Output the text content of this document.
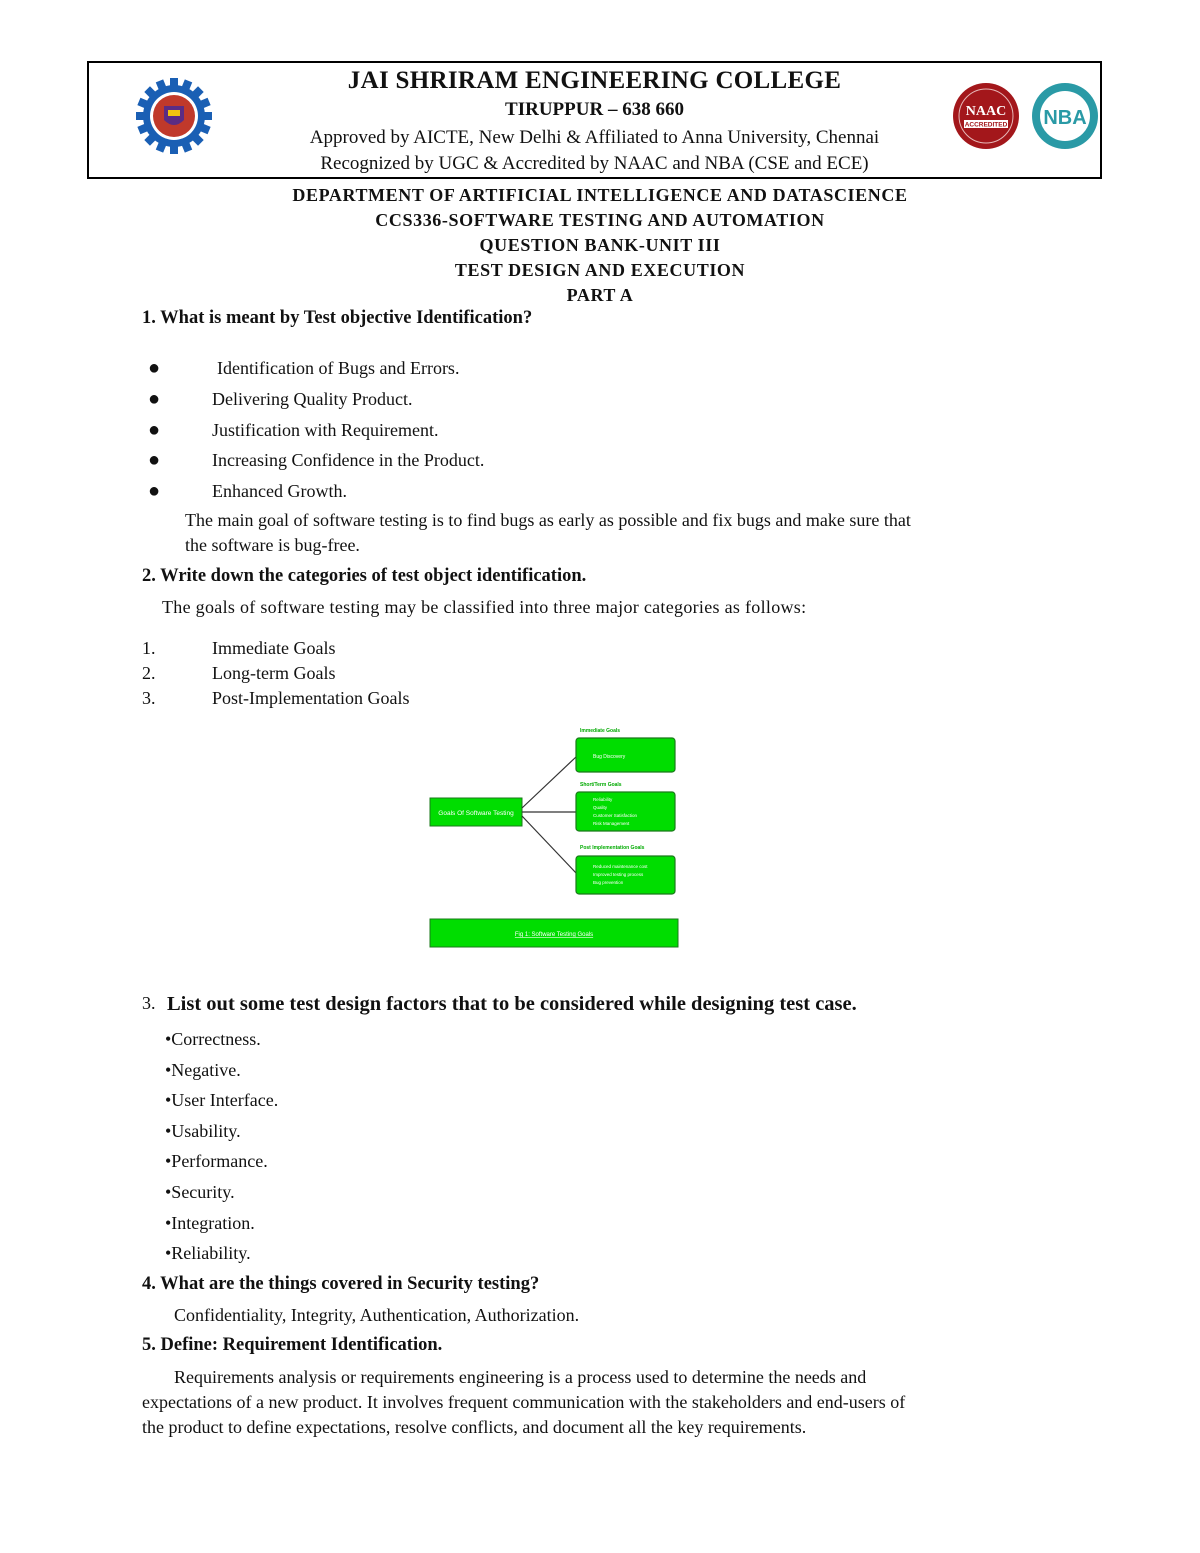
JAI SHRIRAM ENGINEERING COLLEGE
TIRUPPUR – 638 660
Approved by AICTE, New Delhi & Affiliated to Anna University, Chennai
Recognized by UGC & Accredited by NAAC and NBA (CSE and ECE)
NAAC
ACCREDITED NBA
DEPARTMENT OF ARTIFICIAL INTELLIGENCE AND DATASCIENCE
CCS336-SOFTWARE TESTING AND AUTOMATION
QUESTION BANK-UNIT III
TEST DESIGN AND EXECUTION
PART A
1. What is meant by Test objective Identification?
●	Identification of Bugs and Errors.
●	Delivering Quality Product.
●	Justification with Requirement.
●	Increasing Confidence in the Product.
●	Enhanced Growth.
The main goal of software testing is to find bugs as early as possible and fix bugs and make sure that
the software is bug-free.
2. Write down the categories of test object identification.
The goals of software testing may be classified into three major categories as follows:
1.	Immediate Goals
2.	Long-term Goals
3.	Post-Implementation Goals
Goals Of Software Testing
Immediate Goals
Bug Discovery
Short/Term Goals
Reliability
Quality
Customer Satisfaction
Risk Management
Post Implementation Goals
Reduced maintenance cost
Improved testing process
Bug prevention
Fig 1: Software Testing Goals
3. List out some test design factors that to be considered while designing test case.
•Correctness.
•Negative.
•User Interface.
•Usability.
•Performance.
•Security.
•Integration.
•Reliability.
4. What are the things covered in Security testing?
Confidentiality, Integrity, Authentication, Authorization.
5. Define: Requirement Identification.
Requirements analysis or requirements engineering is a process used to determine the needs and
expectations of a new product. It involves frequent communication with the stakeholders and end-users of
the product to define expectations, resolve conflicts, and document all the key requirements.
